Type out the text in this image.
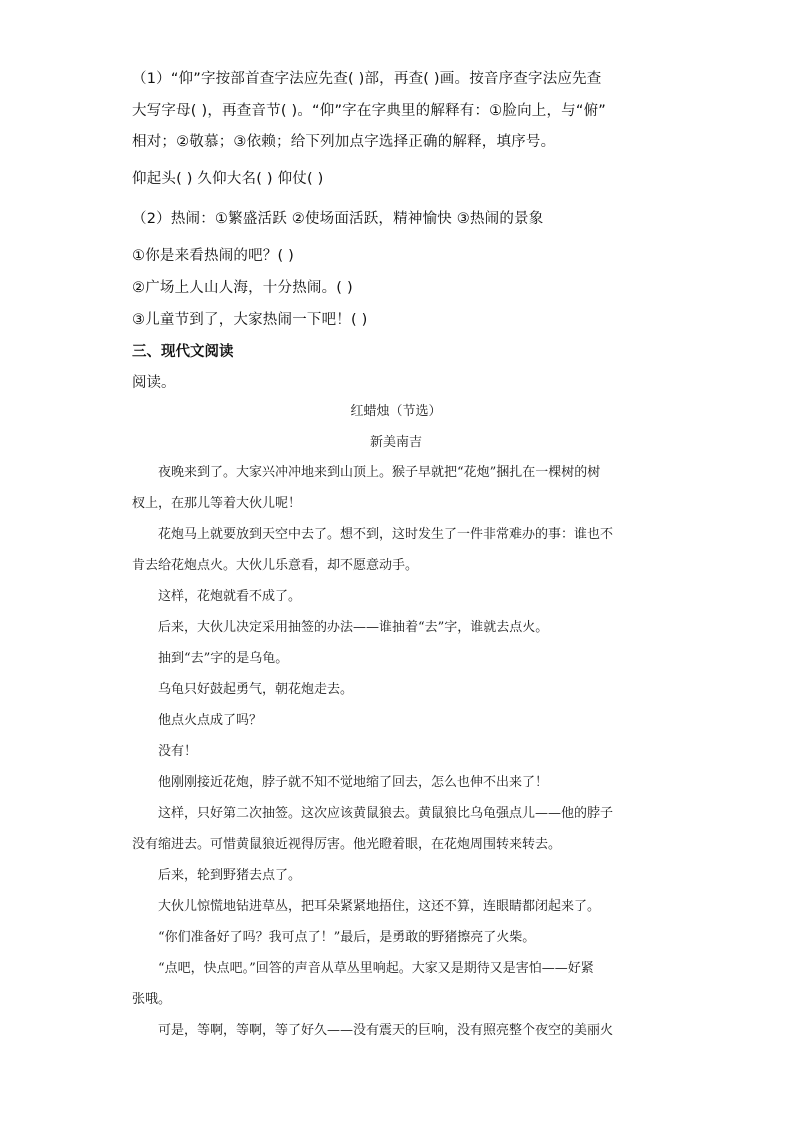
（1）“仰”字按部首查字法应先查( )部，再查( )画。按音序查字法应先查
大写字母( )，再查音节( )。“仰”字在字典里的解释有：①脸向上，与“俯”
相对；②敬慕；③依赖；给下列加点字选择正确的解释，填序号。
仰起头( ) 久仰大名( ) 仰仗( )
（2）热闹：①繁盛活跃 ②使场面活跃，精神愉快 ③热闹的景象
①你是来看热闹的吧？( )
②广场上人山人海，十分热闹。( )
③儿童节到了，大家热闹一下吧！( )
三、现代文阅读
阅读。
红蜡烛（节选）
新美南吉
夜晚来到了。大家兴冲冲地来到山顶上。猴子早就把“花炮”捆扎在一棵树的树
杈上，在那儿等着大伙儿呢！
花炮马上就要放到天空中去了。想不到，这时发生了一件非常难办的事：谁也不
肯去给花炮点火。大伙儿乐意看，却不愿意动手。
这样，花炮就看不成了。
后来，大伙儿决定采用抽签的办法——谁抽着“去”字，谁就去点火。
抽到“去”字的是乌龟。
乌龟只好鼓起勇气，朝花炮走去。
他点火点成了吗？
没有！
他刚刚接近花炮，脖子就不知不觉地缩了回去，怎么也伸不出来了！
这样，只好第二次抽签。这次应该黄鼠狼去。黄鼠狼比乌龟强点儿——他的脖子
没有缩进去。可惜黄鼠狼近视得厉害。他光瞪着眼，在花炮周围转来转去。
后来，轮到野猪去点了。
大伙儿惊慌地钻进草丛，把耳朵紧紧地捂住，这还不算，连眼睛都闭起来了。
“你们准备好了吗？我可点了！”最后，是勇敢的野猪擦亮了火柴。
“点吧，快点吧。”回答的声音从草丛里响起。大家又是期待又是害怕——好紧
张哦。
可是，等啊，等啊，等了好久——没有震天的巨响，没有照亮整个夜空的美丽火
